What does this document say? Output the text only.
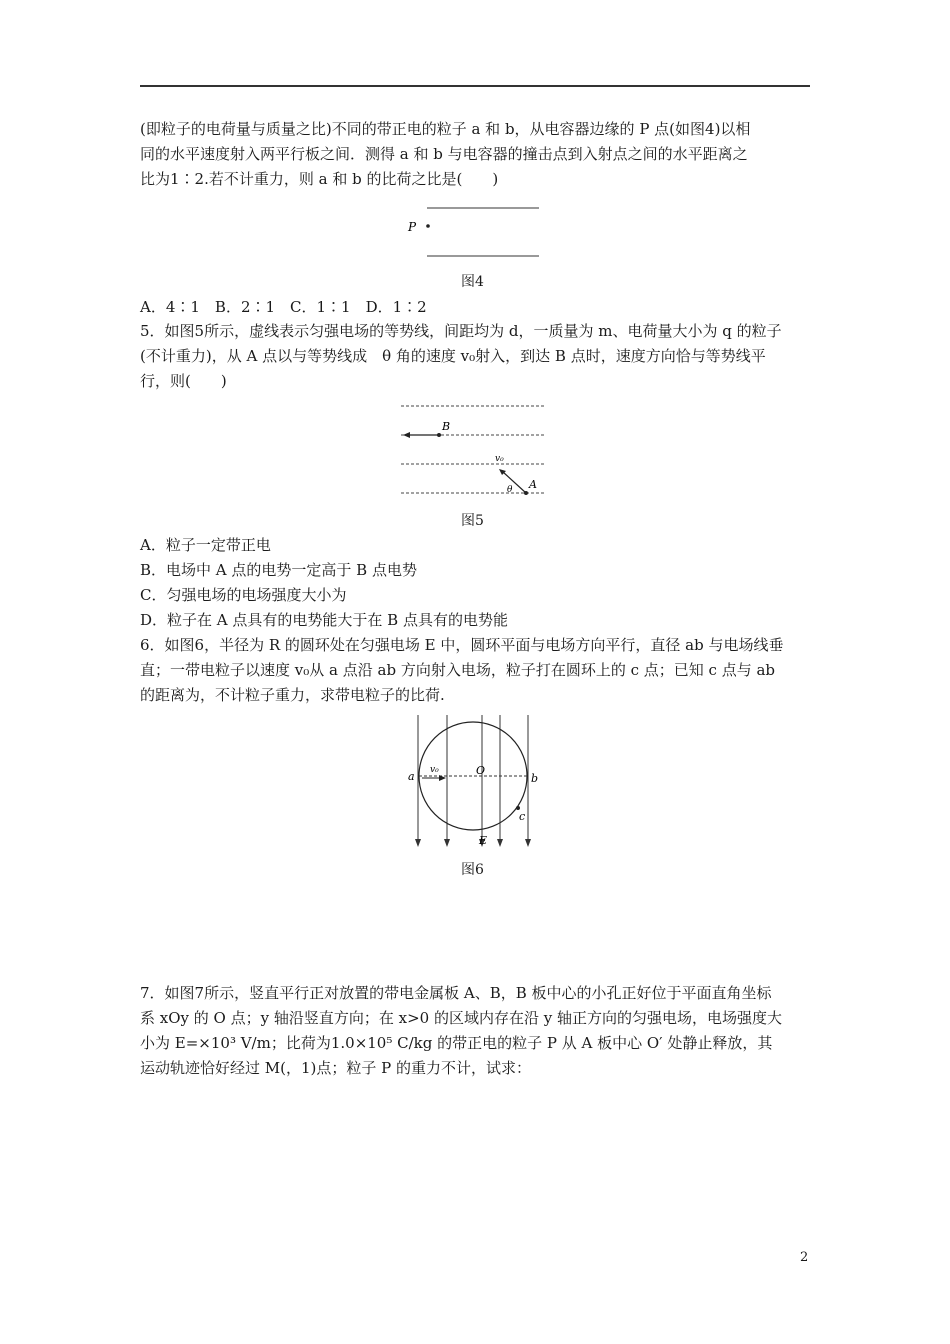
(即粒子的电荷量与质量之比)不同的带正电的粒子 a 和 b，从电容器边缘的 P 点(如图4)以相
同的水平速度射入两平行板之间．测得 a 和 b 与电容器的撞击点到入射点之间的水平距离之
比为1∶2.若不计重力，则 a 和 b 的比荷之比是(　　)
P
图4
A．4∶1　B．2∶1　C．1∶1　D．1∶2
5．如图5所示，虚线表示匀强电场的等势线，间距均为 d，一质量为 m、电荷量大小为 q 的粒子
(不计重力)，从 A 点以与等势线成　θ 角的速度 v₀射入，到达 B 点时，速度方向恰与等势线平
行，则(　　)
B
v₀
A
θ
图5
A．粒子一定带正电
B．电场中 A 点的电势一定高于 B 点电势
C．匀强电场的电场强度大小为
D．粒子在 A 点具有的电势能大于在 B 点具有的电势能
6．如图6，半径为 R 的圆环处在匀强电场 E 中，圆环平面与电场方向平行，直径 ab 与电场线垂
直；一带电粒子以速度 v₀从 a 点沿 ab 方向射入电场，粒子打在圆环上的 c 点；已知 c 点与 ab
的距离为，不计粒子重力，求带电粒子的比荷.
v₀
a	O
b
c
E
图6
7．如图7所示，竖直平行正对放置的带电金属板 A、B，B 板中心的小孔正好位于平面直角坐标
系 xOy 的 O 点；y 轴沿竖直方向；在 x>0 的区域内存在沿 y 轴正方向的匀强电场，电场强度大
小为 E=×10³ V/m；比荷为1.0×10⁵ C/kg 的带正电的粒子 P 从 A 板中心 O′ 处静止释放，其
运动轨迹恰好经过 M(，1)点；粒子 P 的重力不计，试求：
2
